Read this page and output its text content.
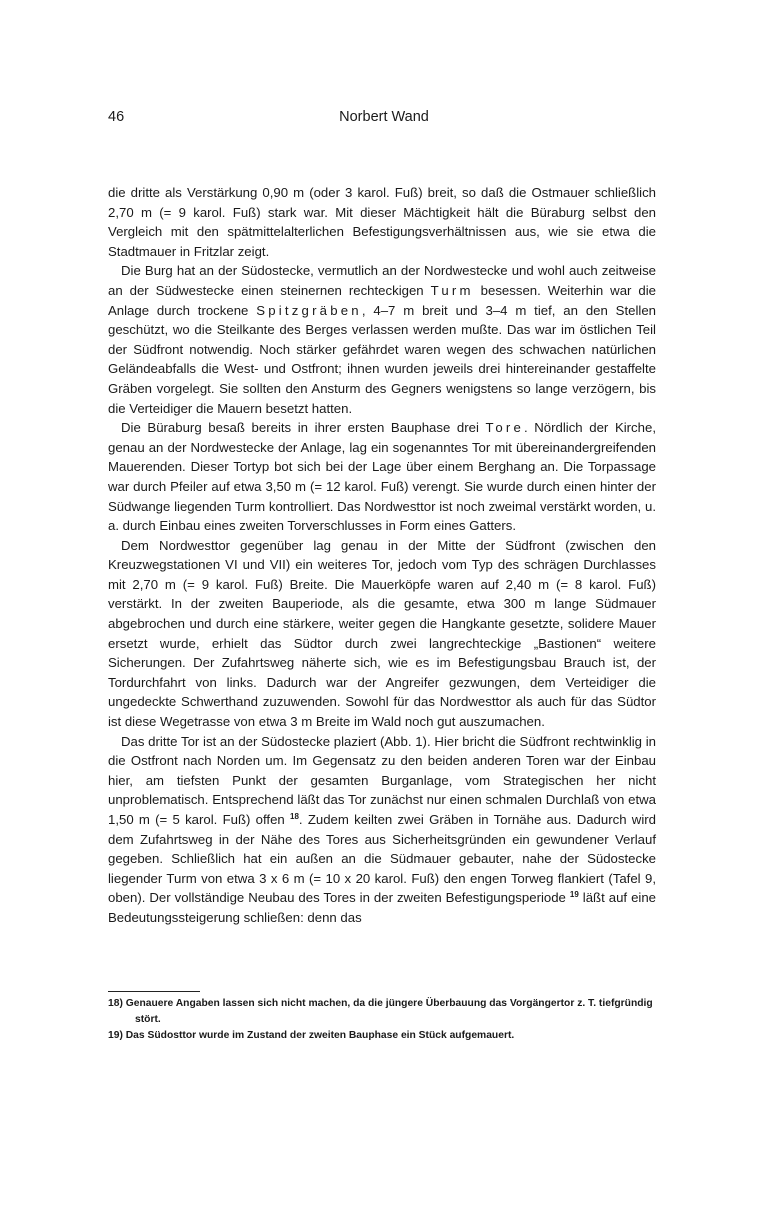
46	Norbert Wand

die dritte als Verstärkung 0,90 m (oder 3 karol. Fuß) breit, so daß die Ostmauer schließlich 2,70 m (= 9 karol. Fuß) stark war. Mit dieser Mächtigkeit hält die Büraburg selbst den Vergleich mit den spätmittelalterlichen Befestigungsverhältnissen aus, wie sie etwa die Stadtmauer in Fritzlar zeigt.

Die Burg hat an der Südostecke, vermutlich an der Nordwestecke und wohl auch zeitweise an der Südwestecke einen steinernen rechteckigen Turm besessen. Weiterhin war die Anlage durch trockene Spitzgräben, 4–7 m breit und 3–4 m tief, an den Stellen geschützt, wo die Steilkante des Berges verlassen werden mußte. Das war im östlichen Teil der Südfront notwendig. Noch stärker gefährdet waren wegen des schwachen natürlichen Geländeabfalls die West- und Ostfront; ihnen wurden jeweils drei hintereinander gestaffelte Gräben vorgelegt. Sie sollten den Ansturm des Gegners wenigstens so lange verzögern, bis die Verteidiger die Mauern besetzt hatten.

Die Büraburg besaß bereits in ihrer ersten Bauphase drei Tore. Nördlich der Kirche, genau an der Nordwestecke der Anlage, lag ein sogenanntes Tor mit übereinandergreifenden Mauerenden. Dieser Tortyp bot sich bei der Lage über einem Berghang an. Die Torpassage war durch Pfeiler auf etwa 3,50 m (= 12 karol. Fuß) verengt. Sie wurde durch einen hinter der Südwange liegenden Turm kontrolliert. Das Nordwesttor ist noch zweimal verstärkt worden, u. a. durch Einbau eines zweiten Torverschlusses in Form eines Gatters.

Dem Nordwesttor gegenüber lag genau in der Mitte der Südfront (zwischen den Kreuzwegstationen VI und VII) ein weiteres Tor, jedoch vom Typ des schrägen Durchlasses mit 2,70 m (= 9 karol. Fuß) Breite. Die Mauerköpfe waren auf 2,40 m (= 8 karol. Fuß) verstärkt. In der zweiten Bauperiode, als die gesamte, etwa 300 m lange Südmauer abgebrochen und durch eine stärkere, weiter gegen die Hangkante gesetzte, solidere Mauer ersetzt wurde, erhielt das Südtor durch zwei langrechteckige „Bastionen“ weitere Sicherungen. Der Zufahrtsweg näherte sich, wie es im Befestigungsbau Brauch ist, der Tordurchfahrt von links. Dadurch war der Angreifer gezwungen, dem Verteidiger die ungedeckte Schwerthand zuzuwenden. Sowohl für das Nordwesttor als auch für das Südtor ist diese Wegetrasse von etwa 3 m Breite im Wald noch gut auszumachen.

Das dritte Tor ist an der Südostecke plaziert (Abb. 1). Hier bricht die Südfront rechtwinklig in die Ostfront nach Norden um. Im Gegensatz zu den beiden anderen Toren war der Einbau hier, am tiefsten Punkt der gesamten Burganlage, vom Strategischen her nicht unproblematisch. Entsprechend läßt das Tor zunächst nur einen schmalen Durchlaß von etwa 1,50 m (= 5 karol. Fuß) offen $^{18}$. Zudem keilten zwei Gräben in Tornähe aus. Dadurch wird dem Zufahrtsweg in der Nähe des Tores aus Sicherheitsgründen ein gewundener Verlauf gegeben. Schließlich hat ein außen an die Südmauer gebauter, nahe der Südostecke liegender Turm von etwa 3 x 6 m (= 10 x 20 karol. Fuß) den engen Torweg flankiert (Tafel 9, oben). Der vollständige Neubau des Tores in der zweiten Befestigungsperiode $^{19}$ läßt auf eine Bedeutungssteigerung schließen: denn das

18) Genauere Angaben lassen sich nicht machen, da die jüngere Überbauung das Vorgängertor z. T. tiefgründig stört.

19) Das Südosttor wurde im Zustand der zweiten Bauphase ein Stück aufgemauert.
